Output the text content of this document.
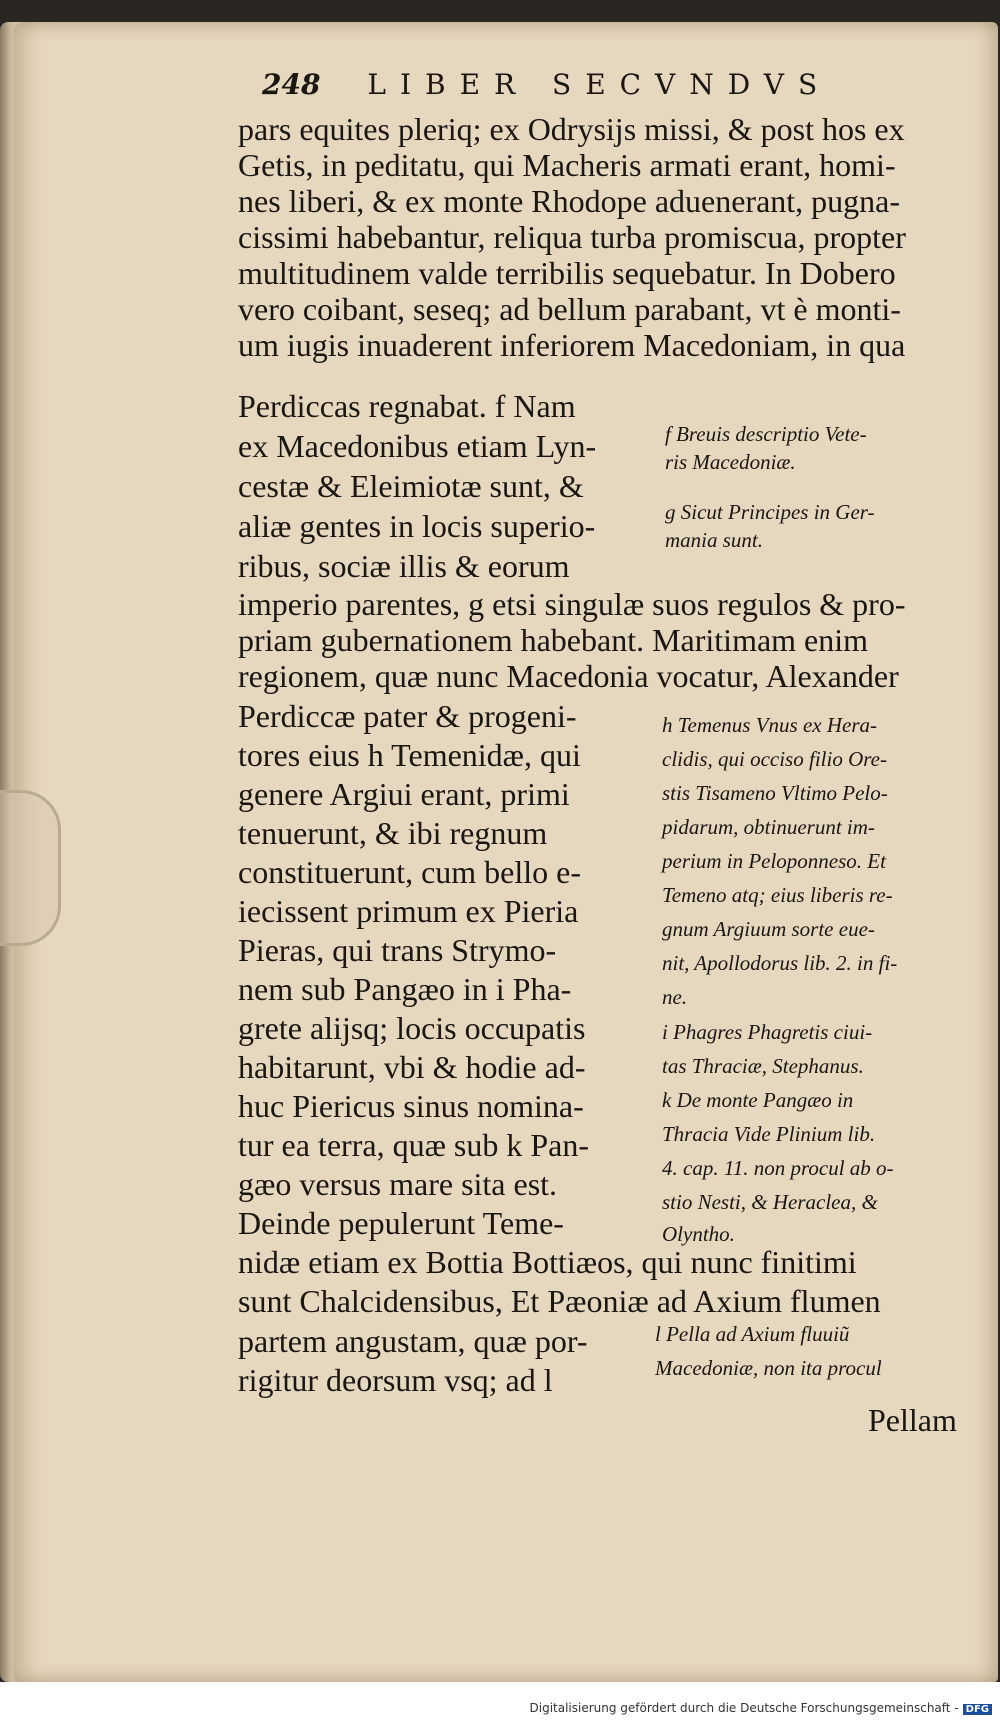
248 LIBER SECVNDVS
pars equites pleriq; ex Odrysijs missi, & post hos ex
Getis, in peditatu, qui Macheris armati erant, homi-
nes liberi, & ex monte Rhodope aduenerant, pugna-
cissimi habebantur, reliqua turba promiscua, propter
multitudinem valde terribilis sequebatur. In Dobero
vero coibant, seseq; ad bellum parabant, vt è monti-
um iugis inuaderent inferiorem Macedoniam, in qua
Perdiccas regnabat. f Nam
ex Macedonibus etiam Lyn-
cestæ & Eleimiotæ sunt, &
aliæ gentes in locis superio-
ribus, sociæ illis & eorum
imperio parentes, g etsi singulæ suos regulos & pro-
priam gubernationem habebant. Maritimam enim
regionem, quæ nunc Macedonia vocatur, Alexander
Perdiccæ pater & progeni-
tores eius h Temenidæ, qui
genere Argiui erant, primi
tenuerunt, & ibi regnum
constituerunt, cum bello e-
iecissent primum ex Pieria
Pieras, qui trans Strymo-
nem sub Pangæo in i Pha-
grete alijsq; locis occupatis
habitarunt, vbi & hodie ad-
huc Piericus sinus nomina-
tur ea terra, quæ sub k Pan-
gæo versus mare sita est.
Deinde pepulerunt Teme-
nidæ etiam ex Bottia Bottiæos, qui nunc finitimi
sunt Chalcidensibus, Et Pæoniæ ad Axium flumen
partem angustam, quæ por-
rigitur deorsum vsq; ad l
Pellam
f Breuis descriptio Vete-
ris Macedoniæ.
g Sicut Principes in Ger-
mania sunt.
h Temenus Vnus ex Hera-
clidis, qui occiso filio Ore-
stis Tisameno Vltimo Pelo-
pidarum, obtinuerunt im-
perium in Peloponneso. Et
Temeno atq; eius liberis re-
gnum Argiuum sorte eue-
nit, Apollodorus lib. 2. in fi-
ne.
i Phagres Phagretis ciui-
tas Thraciæ, Stephanus.
k De monte Pangæo in
Thracia Vide Plinium lib.
4. cap. 11. non procul ab o-
stio Nesti, & Heraclea, &
Olyntho.
l Pella ad Axium fluuiũ
Macedoniæ, non ita procul
Digitalisierung gefördert durch die Deutsche Forschungsgemeinschaft - DFG
